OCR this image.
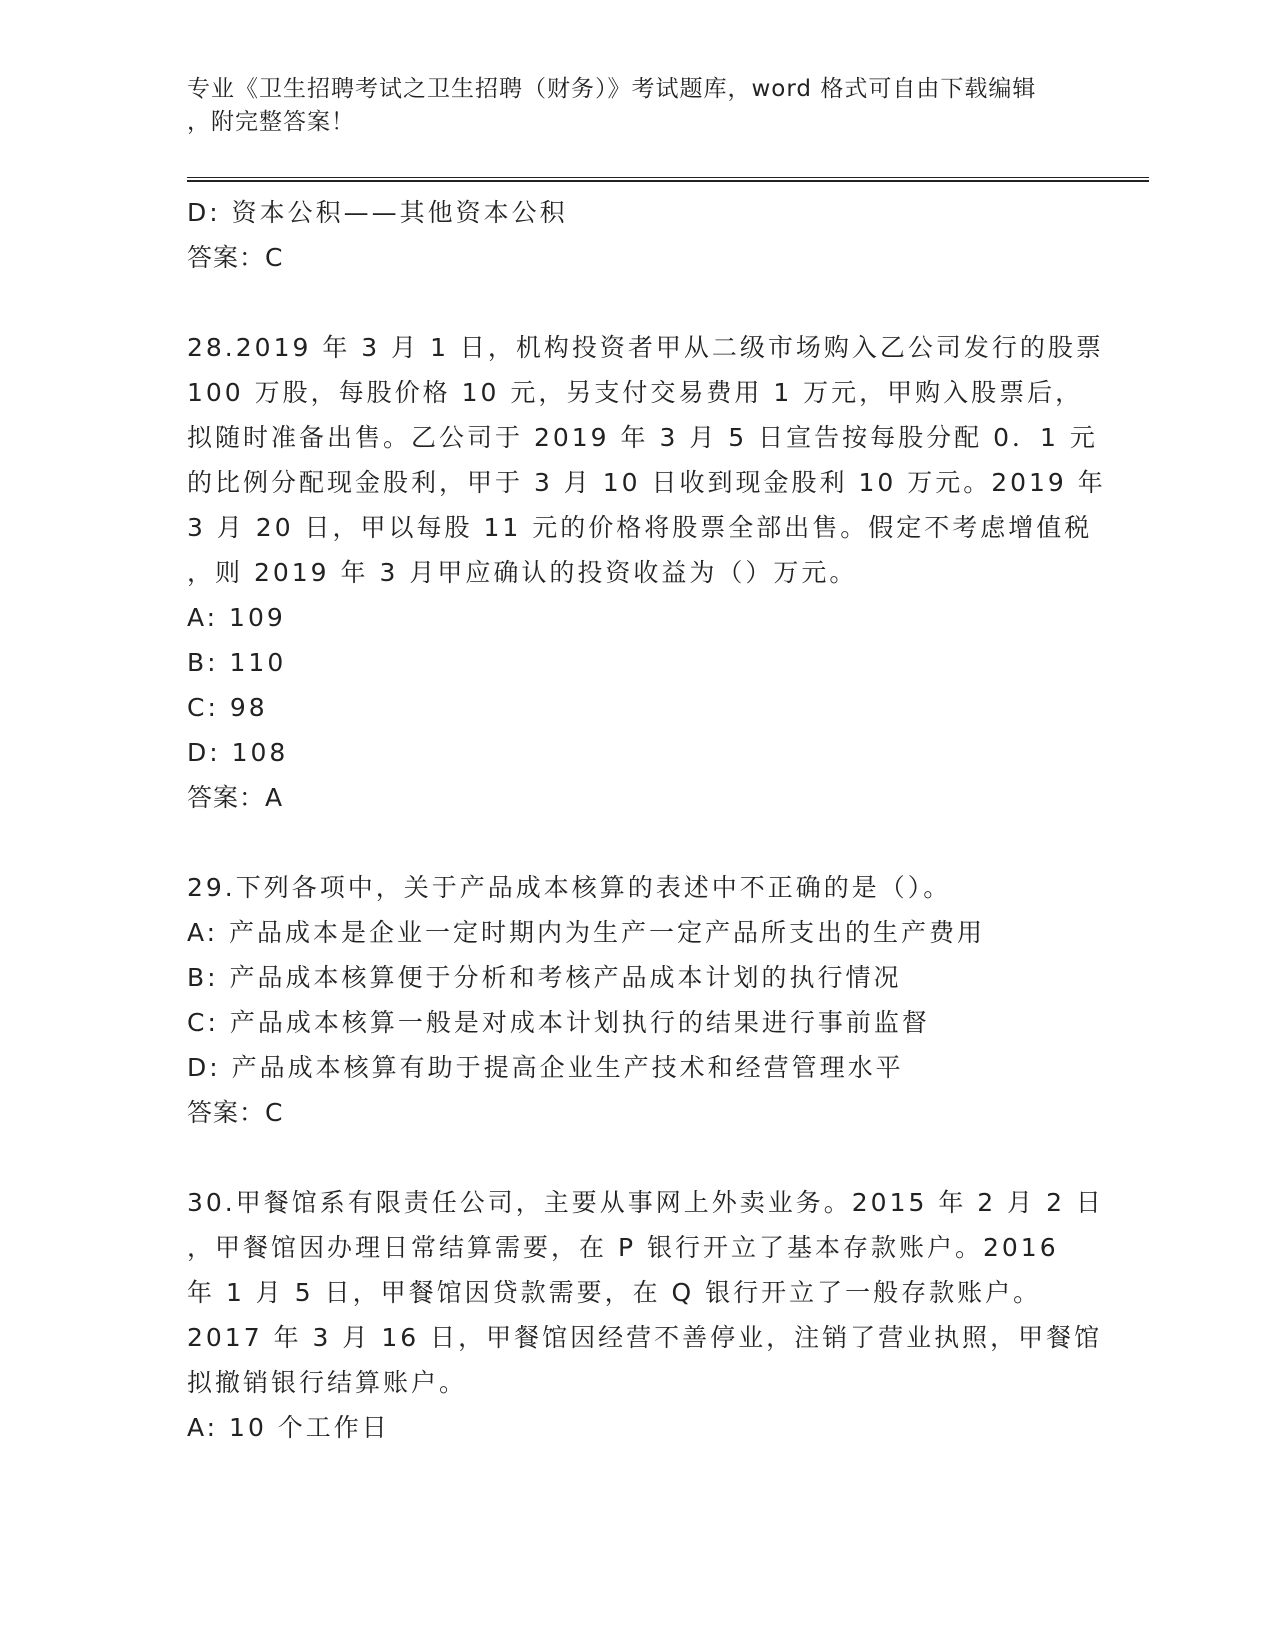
专业《卫生招聘考试之卫生招聘（财务）》考试题库，word 格式可自由下载编辑
，附完整答案！
D: 资本公积——其他资本公积
答案：C
28.2019 年 3 月 1 日，机构投资者甲从二级市场购入乙公司发行的股票
100 万股，每股价格 10 元，另支付交易费用 1 万元，甲购入股票后，
拟随时准备出售。乙公司于 2019 年 3 月 5 日宣告按每股分配 0．1 元
的比例分配现金股利，甲于 3 月 10 日收到现金股利 10 万元。2019 年
3 月 20 日，甲以每股 11 元的价格将股票全部出售。假定不考虑增值税
，则 2019 年 3 月甲应确认的投资收益为（）万元。
A: 109
B: 110
C: 98
D: 108
答案：A
29.下列各项中，关于产品成本核算的表述中不正确的是（）。
A: 产品成本是企业一定时期内为生产一定产品所支出的生产费用
B: 产品成本核算便于分析和考核产品成本计划的执行情况
C: 产品成本核算一般是对成本计划执行的结果进行事前监督
D: 产品成本核算有助于提高企业生产技术和经营管理水平
答案：C
30.甲餐馆系有限责任公司，主要从事网上外卖业务。2015 年 2 月 2 日
，甲餐馆因办理日常结算需要，在 P 银行开立了基本存款账户。2016
年 1 月 5 日，甲餐馆因贷款需要，在 Q 银行开立了一般存款账户。
2017 年 3 月 16 日，甲餐馆因经营不善停业，注销了营业执照，甲餐馆
拟撤销银行结算账户。
A: 10 个工作日
